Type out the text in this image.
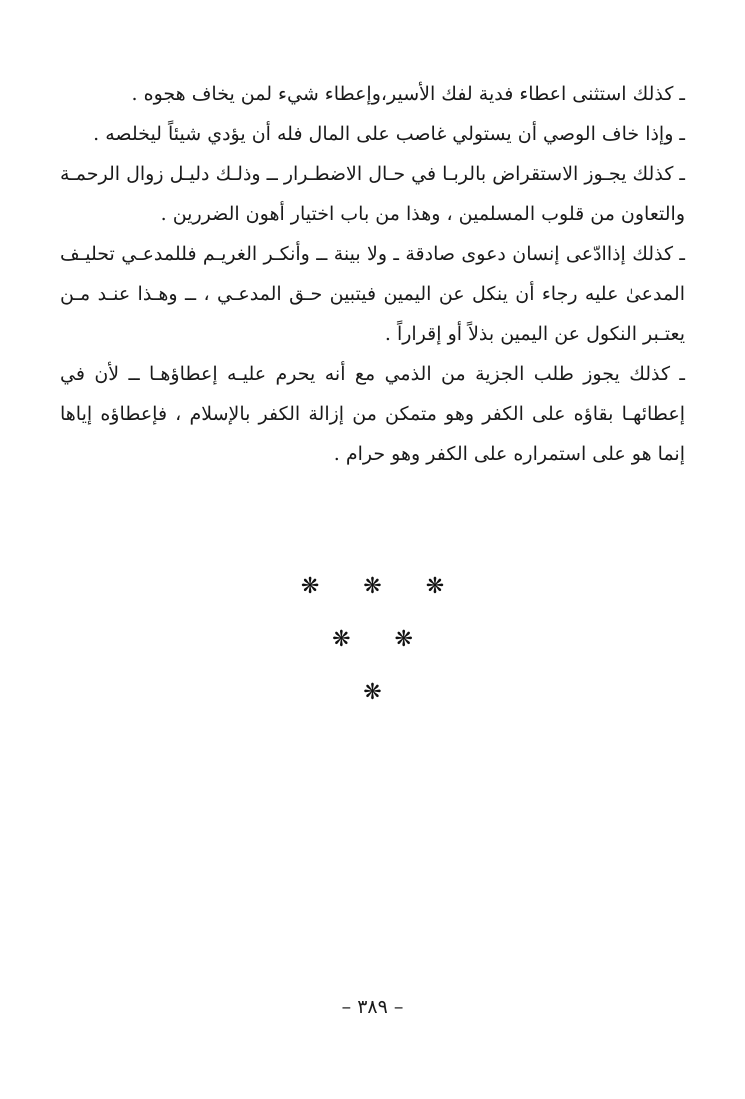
ـ كذلك استثنى اعطاء فدية لفك الأسير،وإعطاء شيء لمن يخاف هجوه .

ـ وإذا خاف الوصي أن يستولي غاصب على المال فله أن يؤدي شيئاً ليخلصه .

ـ كذلك يجـوز الاستقراض بالربـا في حـال الاضطـرار ــ وذلـك دليـل زوال الرحمـة والتعاون من قلوب المسلمين ، وهذا من باب اختيار أهون الضررين .

ـ كذلك إذاادّعى إنسان دعوى صادقة ـ ولا بينة ــ وأنكـر الغريـم فللمدعـي تحليـف المدعىٰ عليه رجاء أن ينكل عن اليمين فيتبين حـق المدعـي ، ــ وهـذا عنـد مـن يعتـبر النكول عن اليمين بذلاً أو إقراراً .

ـ كذلك يجوز طلب الجزية من الذمي مع أنه يحرم عليـه إعطاؤهـا ــ لأن في إعطائهـا بقاؤه على الكفر وهو متمكن من إزالة الكفر بالإسلام ، فإعطاؤه إياها إنما هو على استمراره على الكفر وهو حرام .

❋ ❋ ❋
❋ ❋
❋
– ٣٨٩ –
